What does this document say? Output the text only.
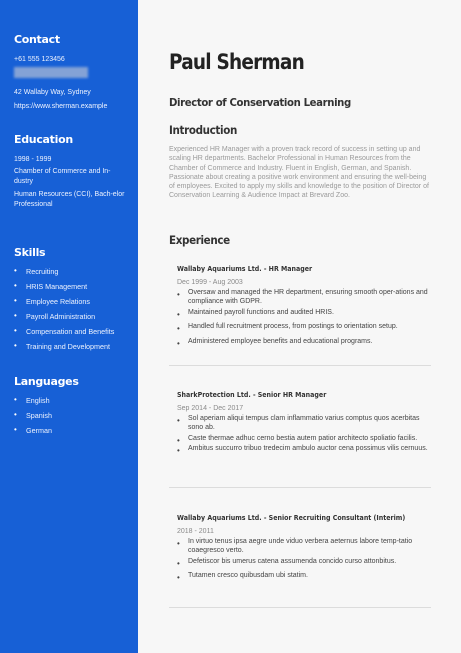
Contact

+61 555 123456

42 Wallaby Way, Sydney

https://www.sherman.example

Education

1998 - 1999

Chamber of Commerce and In-dustry

Human Resources (CCI), Bach-elor Professional

Skills

• Recruiting
• HRIS Management
• Employee Relations
• Payroll Administration
• Compensation and Benefits
• Training and Development

Languages

• English
• Spanish
• German
Paul Sherman
Director of Conservation Learning
Introduction
Experienced HR Manager with a proven track record of success in setting up and scaling HR departments. Bachelor Professional in Human Resources from the Chamber of Commerce and Industry. Fluent in English, German, and Spanish. Passionate about creating a positive work environment and ensuring the well-being of employees. Excited to apply my skills and knowledge to the position of Director of Conservation Learning & Audience Impact at Brevard Zoo.
Experience
Wallaby Aquariums Ltd. - HR Manager
Dec 1999 - Aug 2003
• Oversaw and managed the HR department, ensuring smooth oper-ations and compliance with GDPR.
• Maintained payroll functions and audited HRIS.
• Handled full recruitment process, from postings to orientation setup.
• Administered employee benefits and educational programs.
SharkProtection Ltd. - Senior HR Manager
Sep 2014 - Dec 2017
• Sol aperiam aliqui tempus clam inflammatio varius comptus quos acerbitas sono ab.
• Caste thermae adhuc cerno bestia autem patior architecto spoliatio facilis.
• Ambitus succurro tribuo tredecim ambulo auctor cena possimus vilis cernuus.
Wallaby Aquariums Ltd. - Senior Recruiting Consultant (Interim)
2018 - 2011
• In virtuo tenus ipsa aegre unde viduo verbera aeternus labore temp-tatio coaegresco verto.
• Defetiscor bis umerus catena assumenda concido curso attonbitus.
• Tutamen cresco quibusdam ubi statim.
